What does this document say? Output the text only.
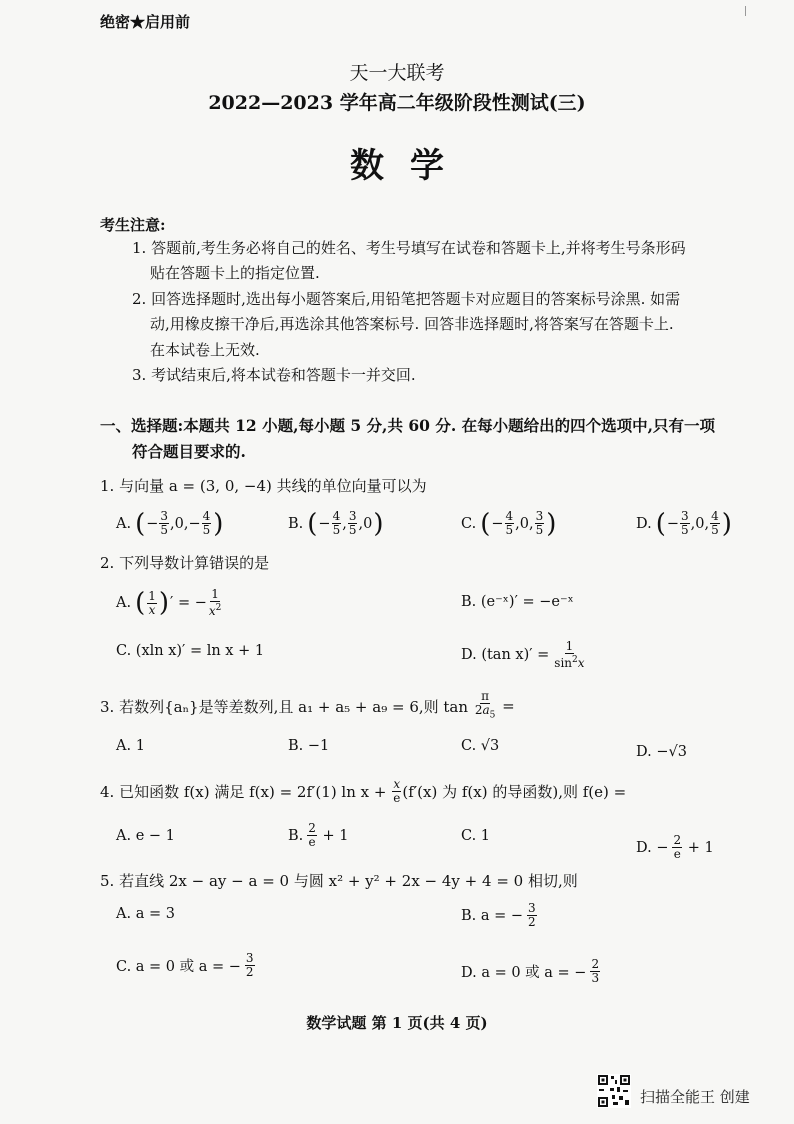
绝密★启用前
天一大联考
2022—2023 学年高二年级阶段性测试(三)
数学
考生注意:
1. 答题前,考生务必将自己的姓名、考生号填写在试卷和答题卡上,并将考生号条形码
贴在答题卡上的指定位置.
2. 回答选择题时,选出每小题答案后,用铅笔把答题卡对应题目的答案标号涂黑. 如需
动,用橡皮擦干净后,再选涂其他答案标号. 回答非选择题时,将答案写在答题卡上.
在本试卷上无效.
3. 考试结束后,将本试卷和答题卡一并交回.
一、选择题:本题共 12 小题,每小题 5 分,共 60 分. 在每小题给出的四个选项中,只有一项
符合题目要求的.
1. 与向量 a = (3, 0, −4) 共线的单位向量可以为
A. ( − $\frac{3}{5} ,0,- \frac{4}{5}$ )	B. ( − $\frac{4}{5}$ , $\frac{3}{5} ,0$ )	C. ( − $\frac{4}{5} ,0$, $\frac{3}{5}$ )	D. ( − $\frac{3}{5} ,0$, $\frac{4}{5}$ )
2. 下列导数计算错误的是
A. ( $\frac{1}{x}$ ) ′ = − $\frac{1}{x^2}$	B. (e⁻ˣ)′ = −e⁻ˣ
C. (xln x)′ = ln x + 1	D. (tan $x)' = \frac{1}{\sin^2x}$
3. 若数列{aₙ}是等差数列,且 a₁ + a₅ + a₉ = 6,则 tan
$\frac{\pi}{2a_5}$ =
A. 1	B. −1	C. √3	D. −√3
4. 已知函数 f(x) 满足 f(x) = 2f′(1) ln x +
$\frac{x}{e} (f'(x)$ 为 f(x) 的导函数),则 f(e) =
A. e − 1	B. $\frac{2}{e} + 1$	C. 1
D. − $\frac{2}{e} + 1$
5. 若直线 2x − ay − a = 0 与圆 x² + y² + 2x − 4y + 4 = 0 相切,则
A. a = 3	B. a = − $\frac{3}{2}$
C. a = 0 或 a = − $\frac{3}{2}$	D. a = 0 或 a = − $\frac{2}{3}$
数学试题 第 1 页(共 4 页)
扫描全能王 创建
